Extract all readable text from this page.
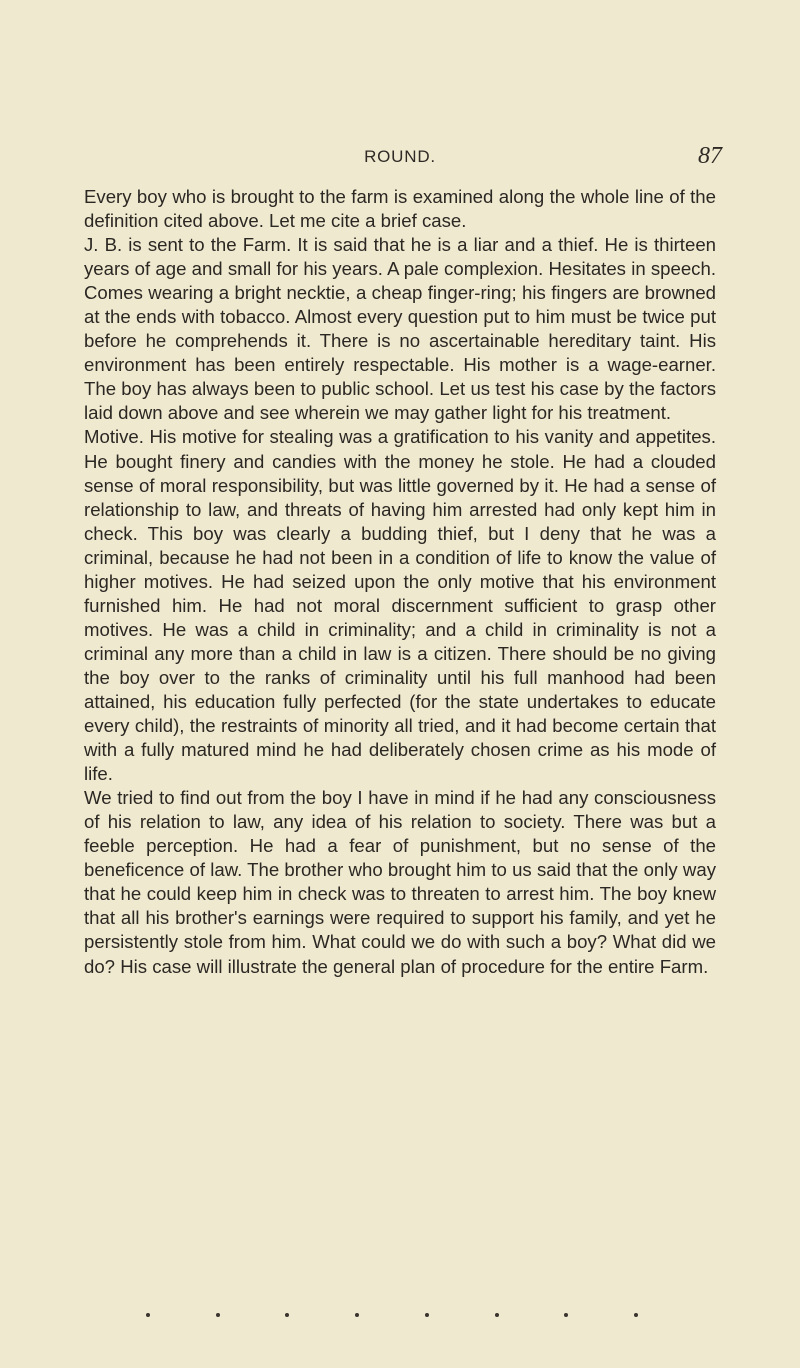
ROUND.	87

Every boy who is brought to the farm is examined along the whole line of the definition cited above. Let me cite a brief case.

J. B. is sent to the Farm. It is said that he is a liar and a thief. He is thirteen years of age and small for his years. A pale complexion. Hesitates in speech. Comes wearing a bright necktie, a cheap finger-ring; his fingers are browned at the ends with tobacco. Almost every question put to him must be twice put before he comprehends it. There is no ascertainable hereditary taint. His environment has been entirely respectable. His mother is a wage-earner. The boy has always been to public school. Let us test his case by the factors laid down above and see wherein we may gather light for his treatment.

Motive. His motive for stealing was a gratification to his vanity and appetites. He bought finery and candies with the money he stole. He had a clouded sense of moral responsibility, but was little governed by it. He had a sense of relationship to law, and threats of having him arrested had only kept him in check. This boy was clearly a budding thief, but I deny that he was a criminal, because he had not been in a condition of life to know the value of higher motives. He had seized upon the only motive that his environment furnished him. He had not moral discernment sufficient to grasp other motives. He was a child in criminality; and a child in criminality is not a criminal any more than a child in law is a citizen. There should be no giving the boy over to the ranks of criminality until his full manhood had been attained, his education fully perfected (for the state undertakes to educate every child), the restraints of minority all tried, and it had become certain that with a fully matured mind he had deliberately chosen crime as his mode of life.

We tried to find out from the boy I have in mind if he had any consciousness of his relation to law, any idea of his relation to society. There was but a feeble perception. He had a fear of punishment, but no sense of the beneficence of law. The brother who brought him to us said that the only way that he could keep him in check was to threaten to arrest him. The boy knew that all his brother's earnings were required to support his family, and yet he persistently stole from him. What could we do with such a boy? What did we do? His case will illustrate the general plan of procedure for the entire Farm.
